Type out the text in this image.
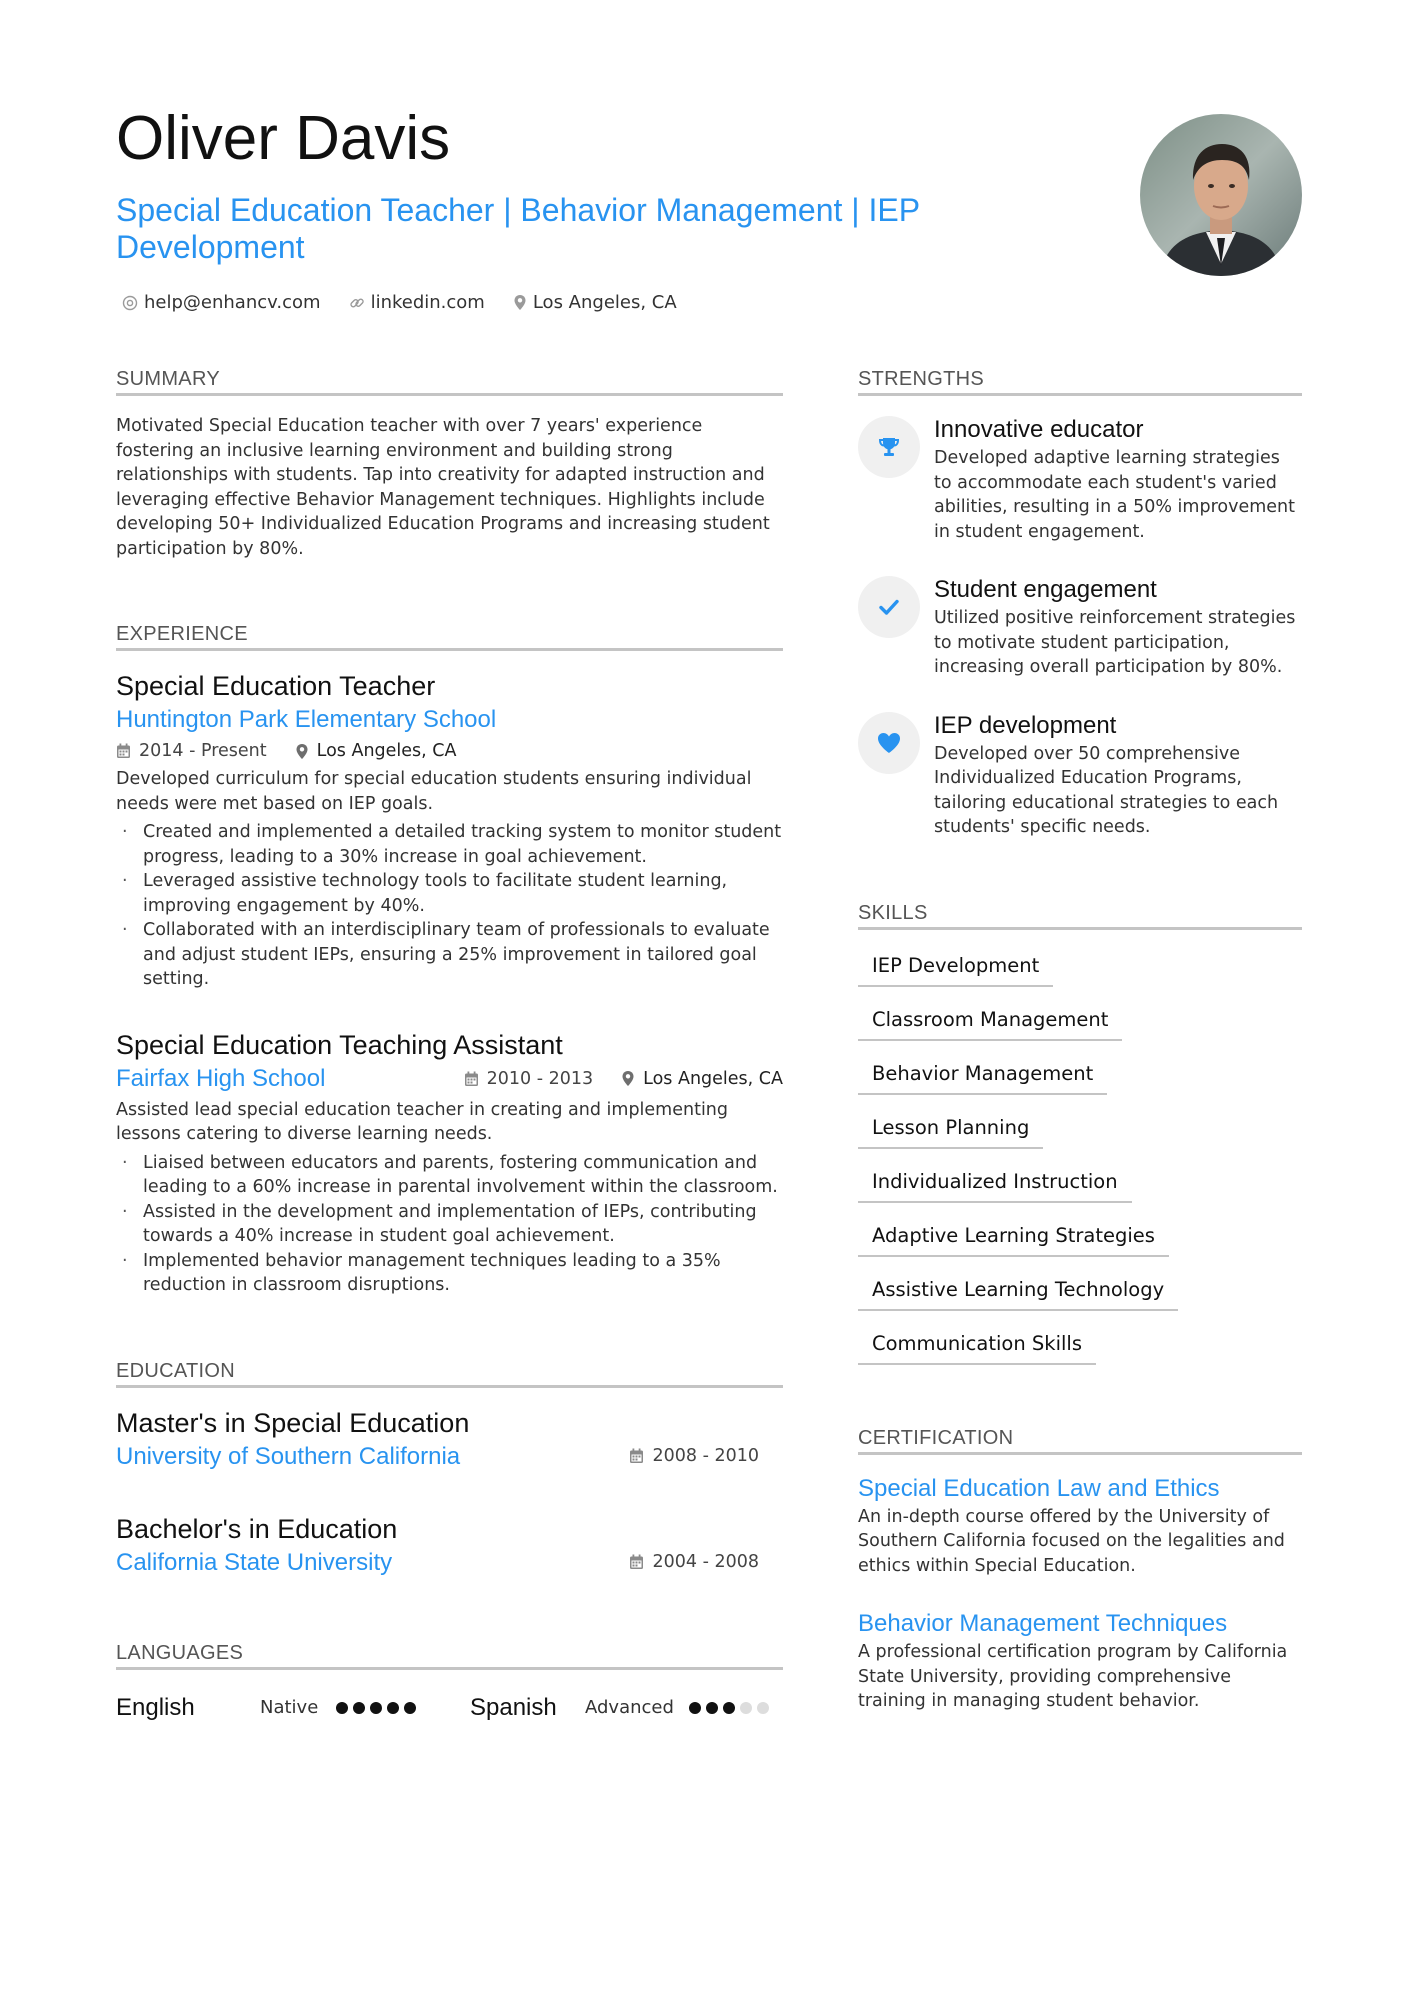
Oliver Davis
Special Education Teacher | Behavior Management | IEP Development
help@enhancv.com	linkedin.com	Los Angeles, CA
SUMMARY

Motivated Special Education teacher with over 7 years' experience fostering an inclusive learning environment and building strong relationships with students. Tap into creativity for adapted instruction and leveraging effective Behavior Management techniques. Highlights include developing 50+ Individualized Education Programs and increasing student participation by 80%.

EXPERIENCE
Special Education Teacher
Huntington Park Elementary School
2014 - Present	Los Angeles, CA

Developed curriculum for special education students ensuring individual needs were met based on IEP goals.

· Created and implemented a detailed tracking system to monitor student progress, leading to a 30% increase in goal achievement.
· Leveraged assistive technology tools to facilitate student learning, improving engagement by 40%.
· Collaborated with an interdisciplinary team of professionals to evaluate and adjust student IEPs, ensuring a 25% improvement in tailored goal setting.
Special Education Teaching Assistant
Fairfax High School	2010 - 2013	Los Angeles, CA

Assisted lead special education teacher in creating and implementing lessons catering to diverse learning needs.

· Liaised between educators and parents, fostering communication and leading to a 60% increase in parental involvement within the classroom.
· Assisted in the development and implementation of IEPs, contributing towards a 40% increase in student goal achievement.
· Implemented behavior management techniques leading to a 35% reduction in classroom disruptions.
EDUCATION
Master's in Special Education
University of Southern California	2008 - 2010
Bachelor's in Education
California State University	2004 - 2008
LANGUAGES
English	Native	Spanish	Advanced
STRENGTHS
Innovative educator
Developed adaptive learning strategies to accommodate each student's varied abilities, resulting in a 50% improvement in student engagement.
Student engagement
Utilized positive reinforcement strategies to motivate student participation, increasing overall participation by 80%.
IEP development
Developed over 50 comprehensive Individualized Education Programs, tailoring educational strategies to each students' specific needs.
SKILLS
IEP Development
Classroom Management
Behavior Management
Lesson Planning
Individualized Instruction
Adaptive Learning Strategies
Assistive Learning Technology
Communication Skills
CERTIFICATION
Special Education Law and Ethics
An in-depth course offered by the University of Southern California focused on the legalities and ethics within Special Education.
Behavior Management Techniques
A professional certification program by California State University, providing comprehensive training in managing student behavior.
